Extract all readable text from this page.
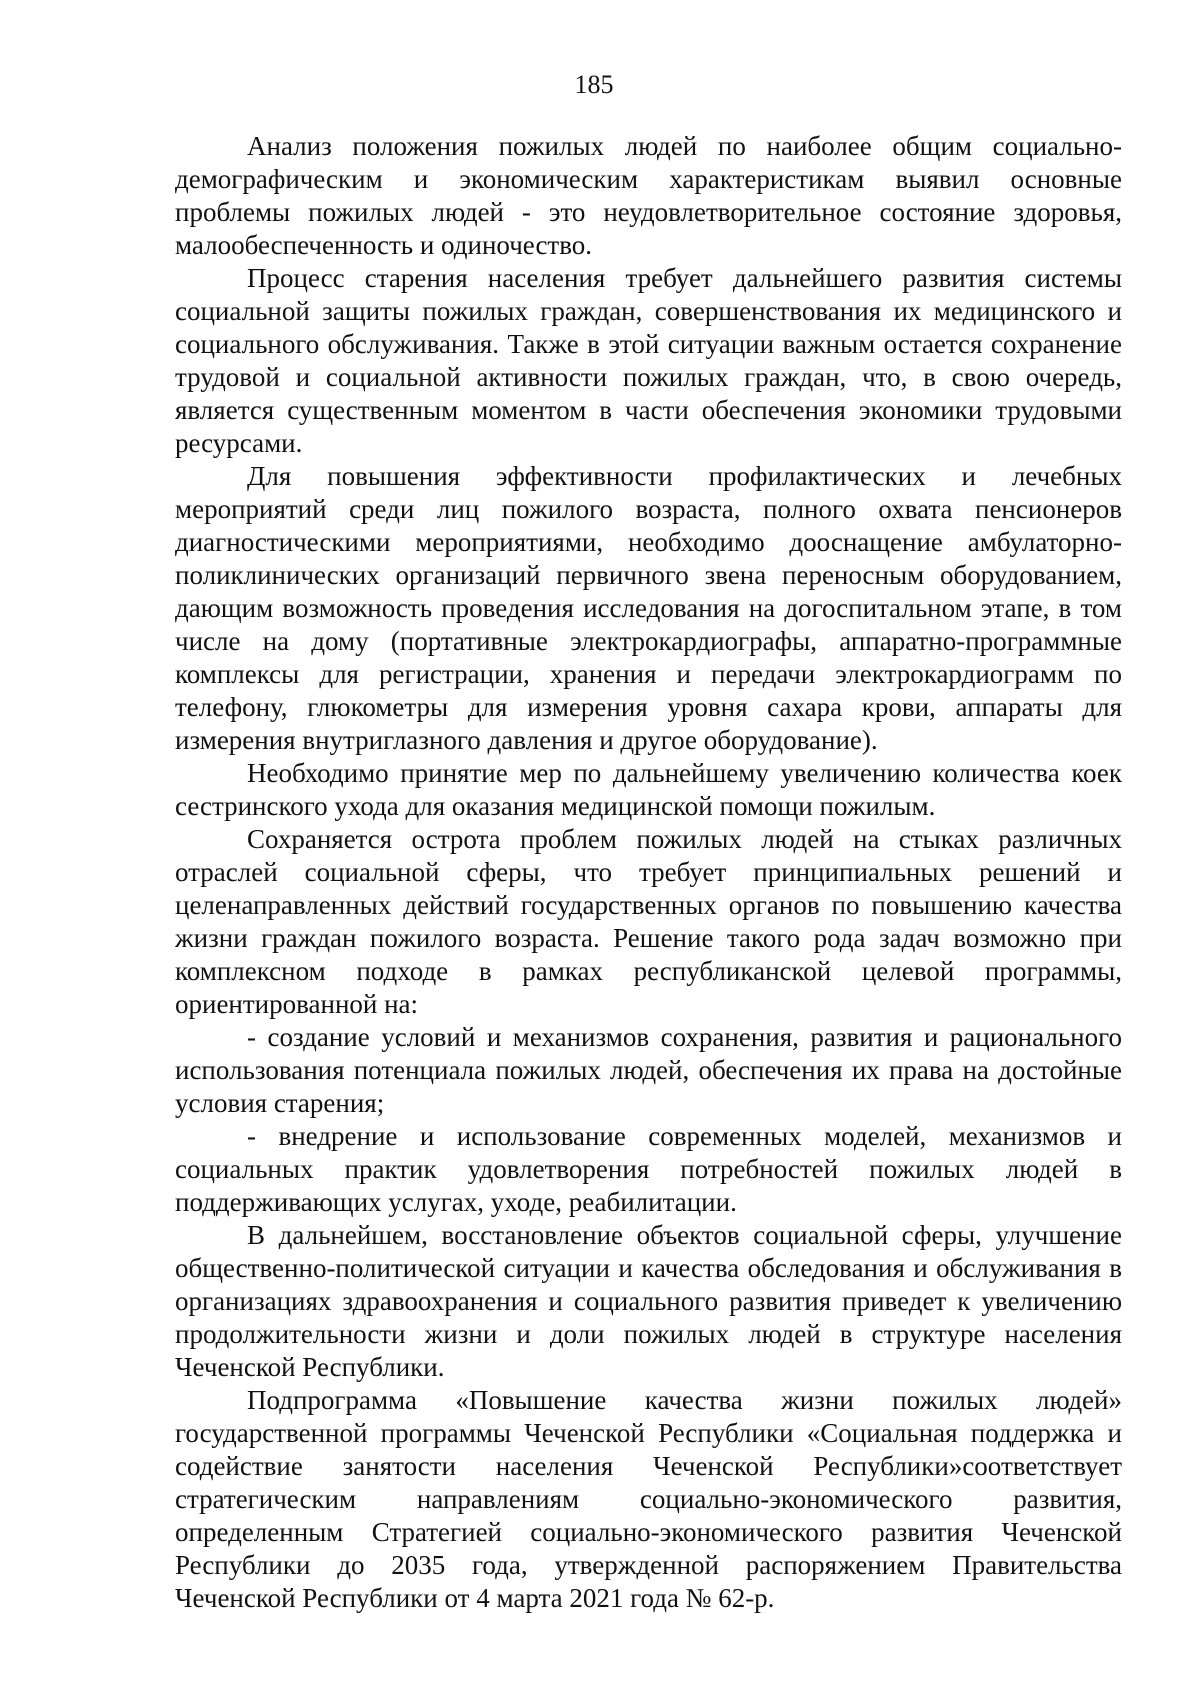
185

Анализ положения пожилых людей по наиболее общим социально-демографическим и экономическим характеристикам выявил основные проблемы пожилых людей - это неудовлетворительное состояние здоровья, малообеспеченность и одиночество.

Процесс старения населения требует дальнейшего развития системы социальной защиты пожилых граждан, совершенствования их медицинского и социального обслуживания. Также в этой ситуации важным остается сохранение трудовой и социальной активности пожилых граждан, что, в свою очередь, является существенным моментом в части обеспечения экономики трудовыми ресурсами.

Для повышения эффективности профилактических и лечебных мероприятий среди лиц пожилого возраста, полного охвата пенсионеров диагностическими мероприятиями, необходимо дооснащение амбулаторно-поликлинических организаций первичного звена переносным оборудованием, дающим возможность проведения исследования на догоспитальном этапе, в том числе на дому (портативные электрокардиографы, аппаратно-программные комплексы для регистрации, хранения и передачи электрокардиограмм по телефону, глюкометры для измерения уровня сахара крови, аппараты для измерения внутриглазного давления и другое оборудование).

Необходимо принятие мер по дальнейшему увеличению количества коек сестринского ухода для оказания медицинской помощи пожилым.

Сохраняется острота проблем пожилых людей на стыках различных отраслей социальной сферы, что требует принципиальных решений и целенаправленных действий государственных органов по повышению качества жизни граждан пожилого возраста. Решение такого рода задач возможно при комплексном подходе в рамках республиканской целевой программы, ориентированной на:

- создание условий и механизмов сохранения, развития и рационального использования потенциала пожилых людей, обеспечения их права на достойные условия старения;

- внедрение и использование современных моделей, механизмов и социальных практик удовлетворения потребностей пожилых людей в поддерживающих услугах, уходе, реабилитации.

В дальнейшем, восстановление объектов социальной сферы, улучшение общественно-политической ситуации и качества обследования и обслуживания в организациях здравоохранения и социального развития приведет к увеличению продолжительности жизни и доли пожилых людей в структуре населения Чеченской Республики.

Подпрограмма «Повышение качества жизни пожилых людей» государственной программы Чеченской Республики «Социальная поддержка и содействие занятости населения Чеченской Республики»соответствует стратегическим направлениям социально-экономического развития, определенным Стратегией социально-экономического развития Чеченской Республики до 2035 года, утвержденной распоряжением Правительства Чеченской Республики от 4 марта 2021 года № 62-р.
